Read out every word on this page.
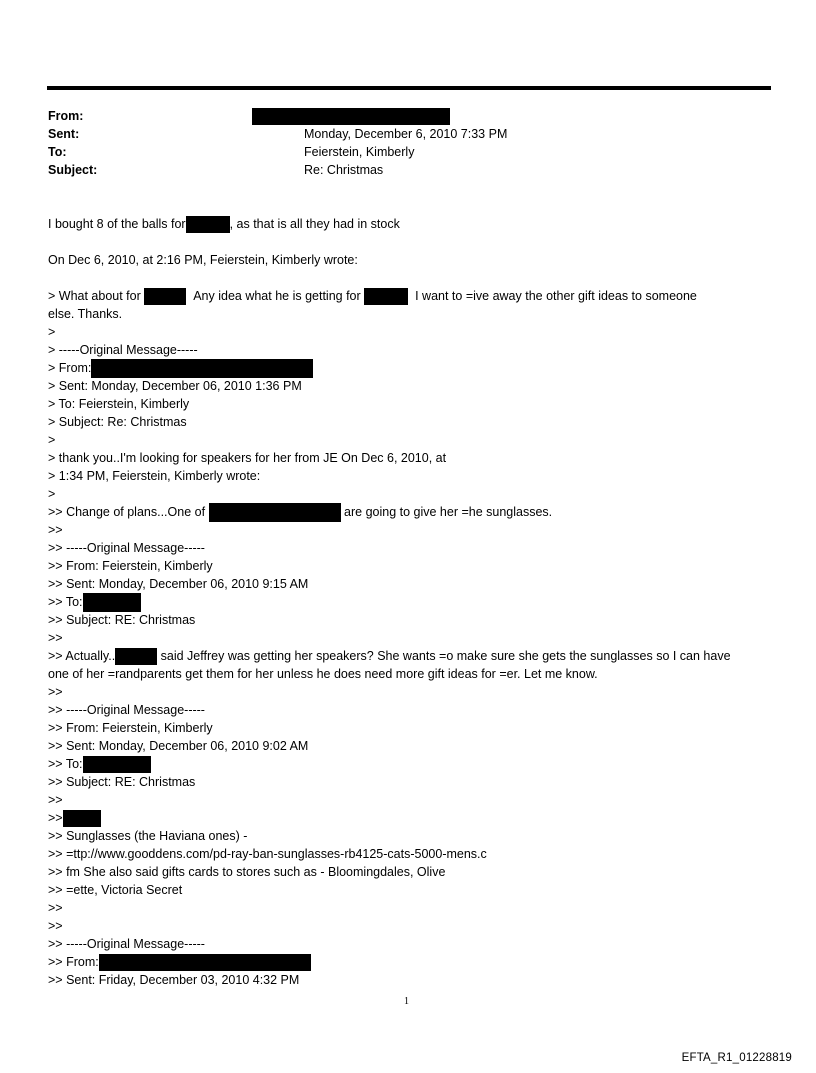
From:
Sent:	Monday, December 6, 2010 7:33 PM
To:	Feierstein, Kimberly
Subject:	Re: Christmas
I bought 8 of the balls for	, as that is all they had in stock
On Dec 6, 2010, at 2:16 PM, Feierstein, Kimberly wrote:
> What about for	Any idea what he is getting for	I want to =ive away the other gift ideas to someone
else. Thanks.
>
> -----Original Message-----
> From:
> Sent: Monday, December 06, 2010 1:36 PM
> To: Feierstein, Kimberly
> Subject: Re: Christmas
>
> thank you..I'm looking for speakers for her from JE On Dec 6, 2010, at
> 1:34 PM, Feierstein, Kimberly wrote:
>
>> Change of plans...One of	are going to give her =he sunglasses.
>>
>> -----Original Message-----
>> From: Feierstein, Kimberly
>> Sent: Monday, December 06, 2010 9:15 AM
>> To:
>> Subject: RE: Christmas
>>
>> Actually..	said Jeffrey was getting her speakers? She wants =o make sure she gets the sunglasses so I can have
one of her =randparents get them for her unless he does need more gift ideas for =er. Let me know.
>>
>> -----Original Message-----
>> From: Feierstein, Kimberly
>> Sent: Monday, December 06, 2010 9:02 AM
>> To:
>> Subject: RE: Christmas
>>
>>
>> Sunglasses (the Haviana ones) -
>> =ttp://www.gooddens.com/pd-ray-ban-sunglasses-rb4125-cats-5000-mens.c
>> fm She also said gifts cards to stores such as - Bloomingdales, Olive
>> =ette, Victoria Secret
>>
>>
>> -----Original Message-----
>> From:
>> Sent: Friday, December 03, 2010 4:32 PM
1
EFTA_R1_01228819
